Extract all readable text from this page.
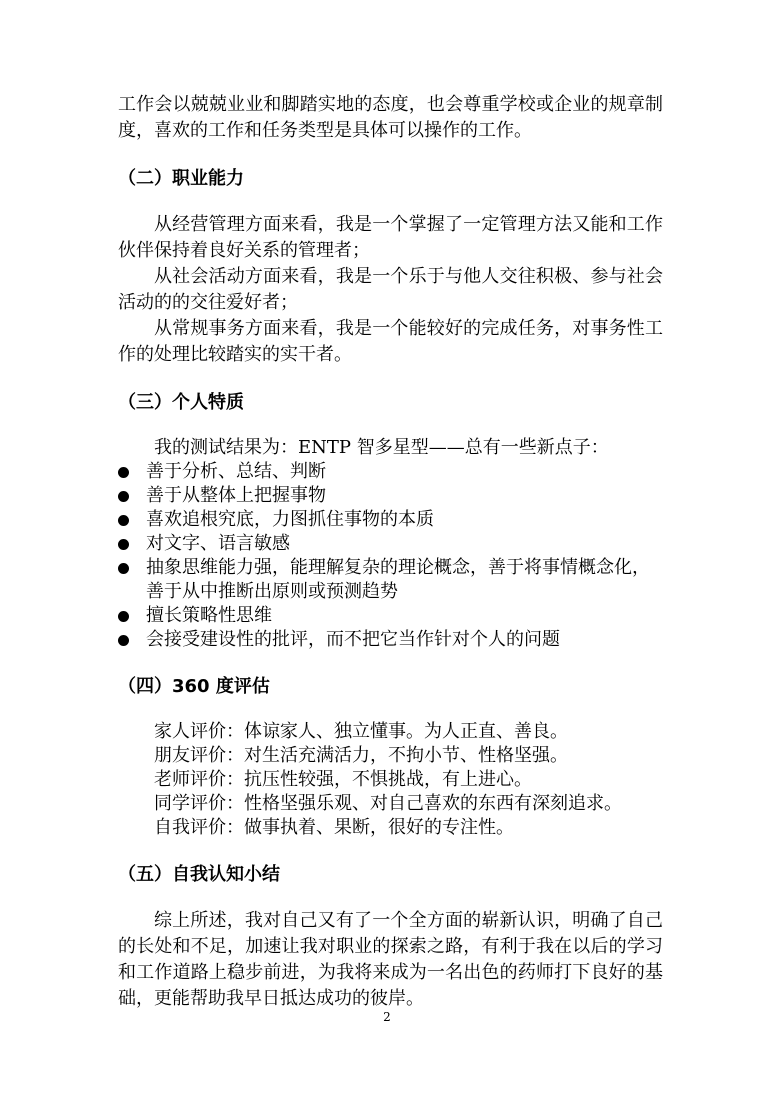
工作会以兢兢业业和脚踏实地的态度，也会尊重学校或企业的规章制度，喜欢的工作和任务类型是具体可以操作的工作。

（二）职业能力

从经营管理方面来看，我是一个掌握了一定管理方法又能和工作伙伴保持着良好关系的管理者；

从社会活动方面来看，我是一个乐于与他人交往积极、参与社会活动的的交往爱好者；

从常规事务方面来看，我是一个能较好的完成任务，对事务性工作的处理比较踏实的实干者。

（三）个人特质

我的测试结果为：ENTP 智多星型——总有一些新点子：

善于分析、总结、判断
善于从整体上把握事物
喜欢追根究底，力图抓住事物的本质
对文字、语言敏感
抽象思维能力强，能理解复杂的理论概念，善于将事情概念化，善于从中推断出原则或预测趋势
擅长策略性思维
会接受建设性的批评，而不把它当作针对个人的问题
（四）360 度评估

家人评价：体谅家人、独立懂事。为人正直、善良。

朋友评价：对生活充满活力，不拘小节、性格坚强。

老师评价：抗压性较强，不惧挑战，有上进心。

同学评价：性格坚强乐观、对自己喜欢的东西有深刻追求。

自我评价：做事执着、果断，很好的专注性。

（五）自我认知小结

综上所述，我对自己又有了一个全方面的崭新认识，明确了自己的长处和不足，加速让我对职业的探索之路，有利于我在以后的学习和工作道路上稳步前进，为我将来成为一名出色的药师打下良好的基础，更能帮助我早日抵达成功的彼岸。

2
